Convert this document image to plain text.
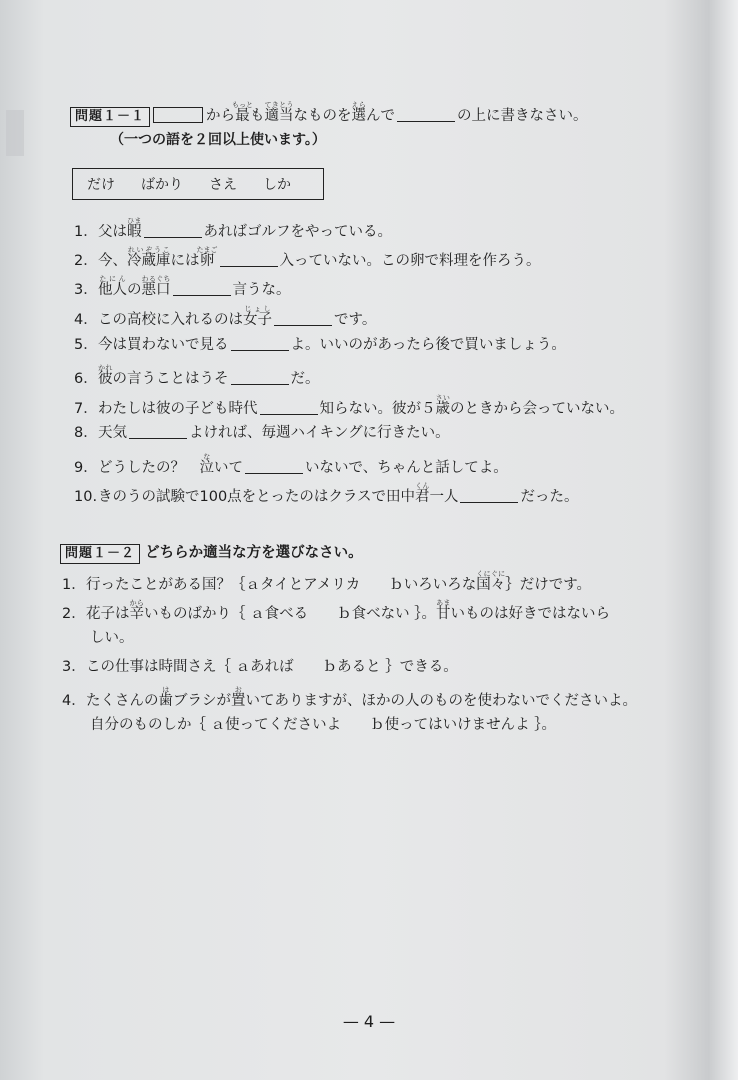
問題１－１	から最もっとも適当てきとうなものを選えらんで	の上に書きなさい。
（一つの語を２回以上使います。）
だけ ばかり さえ しか
1．父は暇ひまあればゴルフをやっている。
2．今、冷蔵庫れいぞうこには卵たまご入っていない。この卵で料理を作ろう。
3．他人たにんの悪口わるぐち言うな。
4．この高校に入れるのは女子じょしです。
5．今は買わないで見る	よ。いいのがあったら後で買いましょう。
6．彼かれの言うことはうそ	だ。
7．わたしは彼の子ども時代	知らない。彼が５歳さいのときから会っていない。
8．天気	よければ、毎週ハイキングに行きたい。
9．どうしたの？　泣ないて	いないで、ちゃんと話してよ。
10.きのうの試験で100点をとったのはクラスで田中君くん一人	だった。
問題１－２ どちらか適当な方を選びなさい。
1．行ったことがある国？｛ａタイとアメリカ   ｂいろいろな国々くにぐに｝だけです。
2．花子は辛からいものばかり｛ ａ食べる   ｂ食べない ｝。甘あまいものは好きではないら
しい。
3．この仕事は時間さえ｛ ａあれば   ｂあると ｝できる。
4．たくさんの歯はブラシが置おいてありますが、ほかの人のものを使わないでくださいよ。
自分のものしか｛ ａ使ってくださいよ   ｂ使ってはいけませんよ ｝。
— 4 —
